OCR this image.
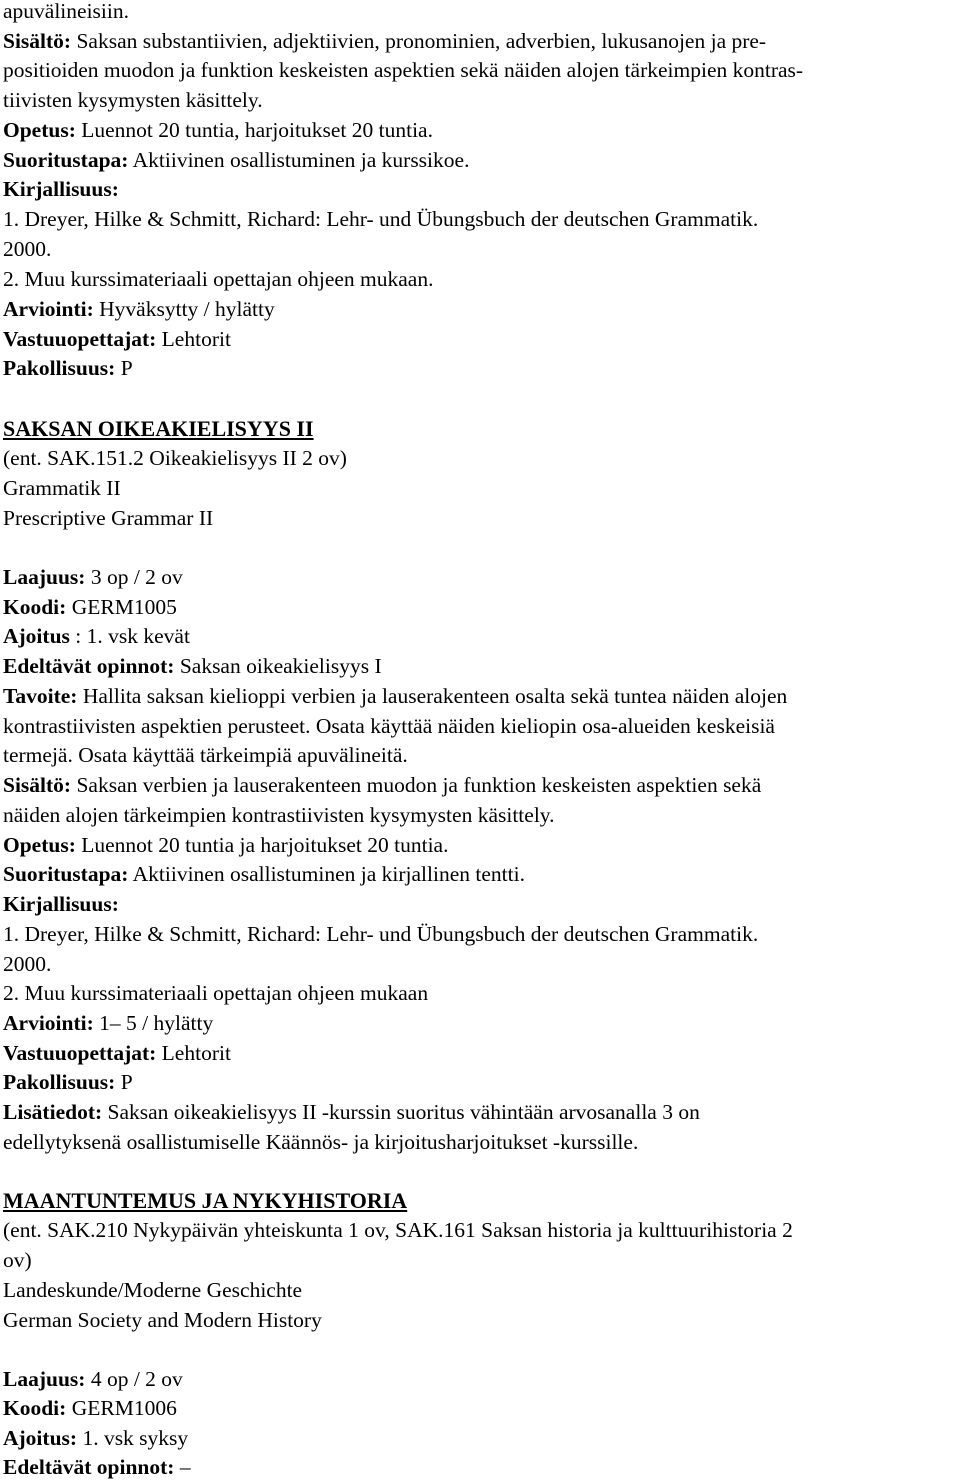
apuvälineisiin.
Sisältö: Saksan substantiivien, adjektiivien, pronominien, adverbien, lukusanojen ja pre-
positioiden muodon ja funktion keskeisten aspektien sekä näiden alojen tärkeimpien kontras-
tiivisten kysymysten käsittely.
Opetus: Luennot 20 tuntia, harjoitukset 20 tuntia.
Suoritustapa: Aktiivinen osallistuminen ja kurssikoe.
Kirjallisuus:
1. Dreyer, Hilke & Schmitt, Richard: Lehr- und Übungsbuch der deutschen Grammatik.
2000.
2. Muu kurssimateriaali opettajan ohjeen mukaan.
Arviointi: Hyväksytty / hylätty
Vastuuopettajat: Lehtorit
Pakollisuus: P
SAKSAN OIKEAKIELISYYS II
(ent. SAK.151.2 Oikeakielisyys II 2 ov)
Grammatik II
Prescriptive Grammar II
Laajuus: 3 op / 2 ov
Koodi: GERM1005
Ajoitus : 1. vsk kevät
Edeltävät opinnot: Saksan oikeakielisyys I
Tavoite: Hallita saksan kielioppi verbien ja lauserakenteen osalta sekä tuntea näiden alojen
kontrastiivisten aspektien perusteet. Osata käyttää näiden kieliopin osa-alueiden keskeisiä
termejä. Osata käyttää tärkeimpiä apuvälineitä.
Sisältö: Saksan verbien ja lauserakenteen muodon ja funktion keskeisten aspektien sekä
näiden alojen tärkeimpien kontrastiivisten kysymysten käsittely.
Opetus: Luennot 20 tuntia ja harjoitukset 20 tuntia.
Suoritustapa: Aktiivinen osallistuminen ja kirjallinen tentti.
Kirjallisuus:
1. Dreyer, Hilke & Schmitt, Richard: Lehr- und Übungsbuch der deutschen Grammatik.
2000.
2. Muu kurssimateriaali opettajan ohjeen mukaan
Arviointi: 1– 5 / hylätty
Vastuuopettajat: Lehtorit
Pakollisuus: P
Lisätiedot: Saksan oikeakielisyys II -kurssin suoritus vähintään arvosanalla 3 on
edellytyksenä osallistumiselle Käännös- ja kirjoitusharjoitukset -kurssille.
MAANTUNTEMUS JA NYKYHISTORIA
(ent. SAK.210 Nykypäivän yhteiskunta 1 ov, SAK.161 Saksan historia ja kulttuurihistoria 2
ov)
Landeskunde/Moderne Geschichte
German Society and Modern History
Laajuus: 4 op / 2 ov
Koodi: GERM1006
Ajoitus: 1. vsk syksy
Edeltävät opinnot: –
